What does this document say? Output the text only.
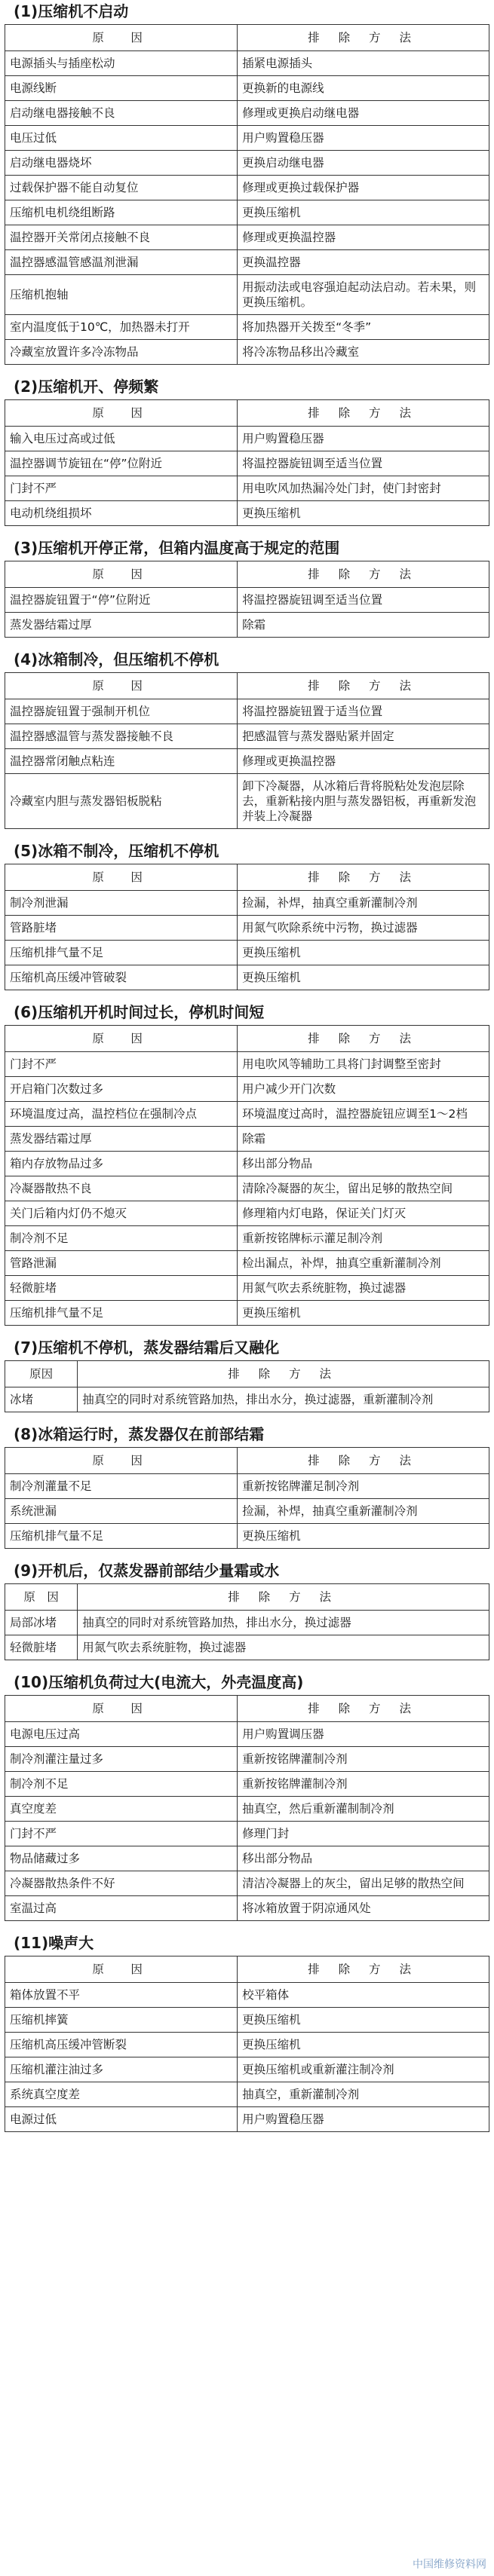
(1)压缩机不启动
原　因	排 除 方 法
电源插头与插座松动	插紧电源插头
电源线断	更换新的电源线
启动继电器接触不良	修理或更换启动继电器
电压过低	用户购置稳压器
启动继电器烧坏	更换启动继电器
过载保护器不能自动复位	修理或更换过载保护器
压缩机电机绕组断路	更换压缩机
温控器开关常闭点接触不良	修理或更换温控器
温控器感温管感温剂泄漏	更换温控器
压缩机抱轴	用振动法或电容强迫起动法启动。若未果，则更换压缩机。
室内温度低于10℃，加热器未打开	将加热器开关拨至“冬季”
冷藏室放置许多冷冻物品	将冷冻物品移出冷藏室
(2)压缩机开、停频繁
原　因	排 除 方 法
输入电压过高或过低	用户购置稳压器
温控器调节旋钮在“停”位附近	将温控器旋钮调至适当位置
门封不严	用电吹风加热漏冷处门封，使门封密封
电动机绕组损坏	更换压缩机
(3)压缩机开停正常，但箱内温度高于规定的范围
原　因	排 除 方 法
温控器旋钮置于“停”位附近	将温控器旋钮调至适当位置
蒸发器结霜过厚	除霜
(4)冰箱制冷，但压缩机不停机
原　因	排 除 方 法
温控器旋钮置于强制开机位	将温控器旋钮置于适当位置
温控器感温管与蒸发器接触不良	把感温管与蒸发器贴紧并固定
温控器常闭触点粘连	修理或更换温控器
冷藏室内胆与蒸发器铝板脱粘	卸下冷凝器，从冰箱后背将脱粘处发泡层除去，重新粘接内胆与蒸发器铝板，再重新发泡并装上冷凝器
(5)冰箱不制冷，压缩机不停机
原　因	排 除 方 法
制冷剂泄漏	捡漏，补焊，抽真空重新灌制冷剂
管路脏堵	用氮气吹除系统中污物，换过滤器
压缩机排气量不足	更换压缩机
压缩机高压缓冲管破裂	更换压缩机
(6)压缩机开机时间过长，停机时间短
原　因	排 除 方 法
门封不严	用电吹风等辅助工具将门封调整至密封
开启箱门次数过多	用户减少开门次数
环境温度过高，温控档位在强制冷点	环境温度过高时，温控器旋钮应调至1～2档
蒸发器结霜过厚	除霜
箱内存放物品过多	移出部分物品
冷凝器散热不良	清除冷凝器的灰尘，留出足够的散热空间
关门后箱内灯仍不熄灭	修理箱内灯电路，保证关门灯灭
制冷剂不足	重新按铭牌标示灌足制冷剂
管路泄漏	检出漏点，补焊，抽真空重新灌制冷剂
轻微脏堵	用氮气吹去系统脏物，换过滤器
压缩机排气量不足	更换压缩机
(7)压缩机不停机，蒸发器结霜后又融化
原因	排 除 方 法
冰堵	抽真空的同时对系统管路加热，排出水分，换过滤器，重新灌制冷剂
(8)冰箱运行时，蒸发器仅在前部结霜
原　因	排 除 方 法
制冷剂灌量不足	重新按铭牌灌足制冷剂
系统泄漏	捡漏，补焊，抽真空重新灌制冷剂
压缩机排气量不足	更换压缩机
(9)开机后，仅蒸发器前部结少量霜或水
原　因	排 除 方 法
局部冰堵	抽真空的同时对系统管路加热，排出水分，换过滤器
轻微脏堵	用氮气吹去系统脏物，换过滤器
(10)压缩机负荷过大(电流大，外壳温度高)
原　因	排 除 方 法
电源电压过高	用户购置调压器
制冷剂灌注量过多	重新按铭牌灌制冷剂
制冷剂不足	重新按铭牌灌制冷剂
真空度差	抽真空，然后重新灌制制冷剂
门封不严	修理门封
物品储藏过多	移出部分物品
冷凝器散热条件不好	清洁冷凝器上的灰尘，留出足够的散热空间
室温过高	将冰箱放置于阴凉通风处
(11)噪声大
原　因	排 除 方 法
箱体放置不平	校平箱体
压缩机摔簧	更换压缩机
压缩机高压缓冲管断裂	更换压缩机
压缩机灌注油过多	更换压缩机或重新灌注制冷剂
系统真空度差	抽真空，重新灌制冷剂
电源过低	用户购置稳压器
中国维修资料网
